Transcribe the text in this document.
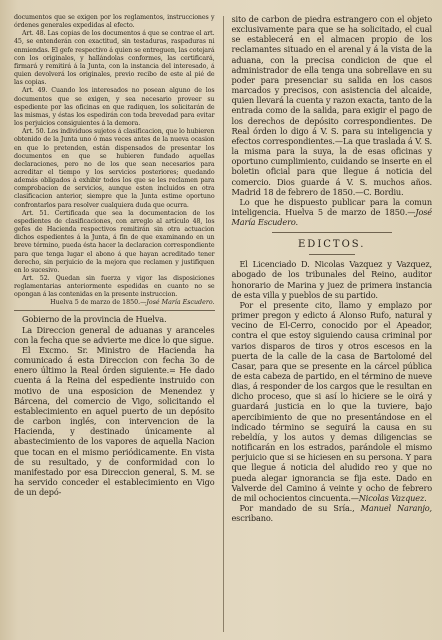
documentos que se exigen por los reglamentos, instrucciones y órdenes generales expedidas al efecto.

Art. 48. Las copias de los documentos á que se contrae el art. 45, se entenderán con exactitud, sin testaduras, raspaduras ni enmiendas. El gefe respectivo á quien se entreguen, las cotejará con los originales, y hallándolas conformes, las certificará, firmará y remitirá á la Junta, con la instancia del interesado, á quien devolverá los originales, previo recibo de este al pié de las copias.

Art. 49. Cuando los interesados no posean alguno de los documentos que se exigen, y sea necesario proveer su espediente por las oficinas en que radiquen, los solicitarán de las mismas, y éstas los espedirán con toda brevedad para evitar los perjuicios consiguientes á la demora.

Art. 50. Los individuos sujetos á clasificacion, que lo hubieren obtenido de la Junta uno ó mas veces antes de la nueva ocasion en que lo pretenden, están dispensados de presentar los documentos en que se hubieren fundado aquellas declaraciones, pero no de los que sean necesarios para acreditar el tiempo y los servicios posteriores; quedando además obligados á exhibir todos los que se les reclamen para comprobacion de servicios, aunque esten incluidos en otra clasificacion anterior, siempre que la Junta estime oportuno confrontarlos para resolver cualquiera duda que ocurra.

Art. 51. Certificada que sea la documentacion de los espedientes de clasificaciones, con arreglo al artículo 48, los gefes de Hacienda respectivos remitirán sin otra actuacion dichos espedientes á la Junta, á fin de que examinando en un breve término, pueda ésta hacer la declaracion correspondiente para que tenga lugar el abono á que hayan acreditado tener derecho, sin perjuicio de la mejora que reclamen y justifiquen en lo sucesivo.

Art. 52. Quedan sin fuerza y vigor las disposiciones reglamentarias anteriormente espedidas en cuanto no se opongan á las contenidas en la presente instruccion.

Huelva 5 de marzo de 1850.—José María Escudero.

Gobierno de la provincia de Huelva.

La Direccion general de aduanas y aranceles con la fecha que se advierte me dice lo que sigue.

El Excmo. Sr. Ministro de Hacienda ha comunicado á esta Direccion con fecha 3o de enero último la Real órden siguiente.= He dado cuenta á la Reina del espediente instruido con motivo de una esposicion de Menendez y Bárcena, del comercio de Vigo, solicitando el establecimiento en aquel puerto de un depósito de carbon inglés, con intervencion de la Hacienda, y destinado únicamente al abastecimiento de los vapores de aquella Nacion que tocan en el mismo periódicamente. En vista de su resultado, y de conformidad con lo manifestado por esa Direccion general, S. M. se ha servido conceder el establecimiento en Vigo de un depó-

sito de carbon de piedra estrangero con el objeto exclusivamente para que se ha solicitado, el cual se establecerá en el almacen propio de los reclamantes situado en el arenal y á la vista de la aduana, con la precisa condicion de que el administrador de ella tenga una sobrellave en su poder para presenciar su salida en los casos marcados y precisos, con asistencia del alcaide, quien llevará la cuenta y razon exacta, tanto de la entrada como de la salida, para exigir el pago de los derechos de depósito correspondientes. De Real órden lo digo á V. S. para su inteligencia y efectos correspondientes.—La que traslada á V. S. la misma para la suya, la de esas oficinas y oportuno cumplimiento, cuidando se inserte en el boletin oficial para que llegue á noticia del comercio. Dios guarde á V. S. muchos años. Madrid 18 de febrero de 1850.—C. Bordiu.

Lo que he dispuesto publicar para la comun inteligencia. Huelva 5 de marzo de 1850.—José María Escudero.

EDICTOS.

El Licenciado D. Nicolas Vazquez y Vazquez, abogado de los tribunales del Reino, auditor honorario de Marina y juez de primera instancia de esta villa y pueblos de su partido.

Por el presente cito, llamo y emplazo por primer pregon y edicto á Alonso Rufo, natural y vecino de El-Cerro, conocido por el Apeador, contra el que estoy siguiendo causa criminal por varios disparos de tiros y otros escesos en la puerta de la calle de la casa de Bartolomé del Casar, para que se presente en la cárcel pública de esta cabeza de partido, en el término de nueve dias, á responder de los cargos que le resultan en dicho proceso, que si así lo hiciere se le oirá y guardará justicia en lo que la tuviere, bajo apercibimiento de que no presentándose en el indicado término se seguirá la causa en su rebeldía, y los autos y demas diligencias se notificarán en los estrados, parándole el mismo perjuicio que si se hiciesen en su persona. Y para que llegue á noticia del aludido reo y que no pueda alegar ignorancia se fija este. Dado en Valverde del Camino á veinte y ocho de febrero de mil ochocientos cincuenta.—Nicolas Vazquez.

Por mandado de su Sría., Manuel Naranjo, escribano.
